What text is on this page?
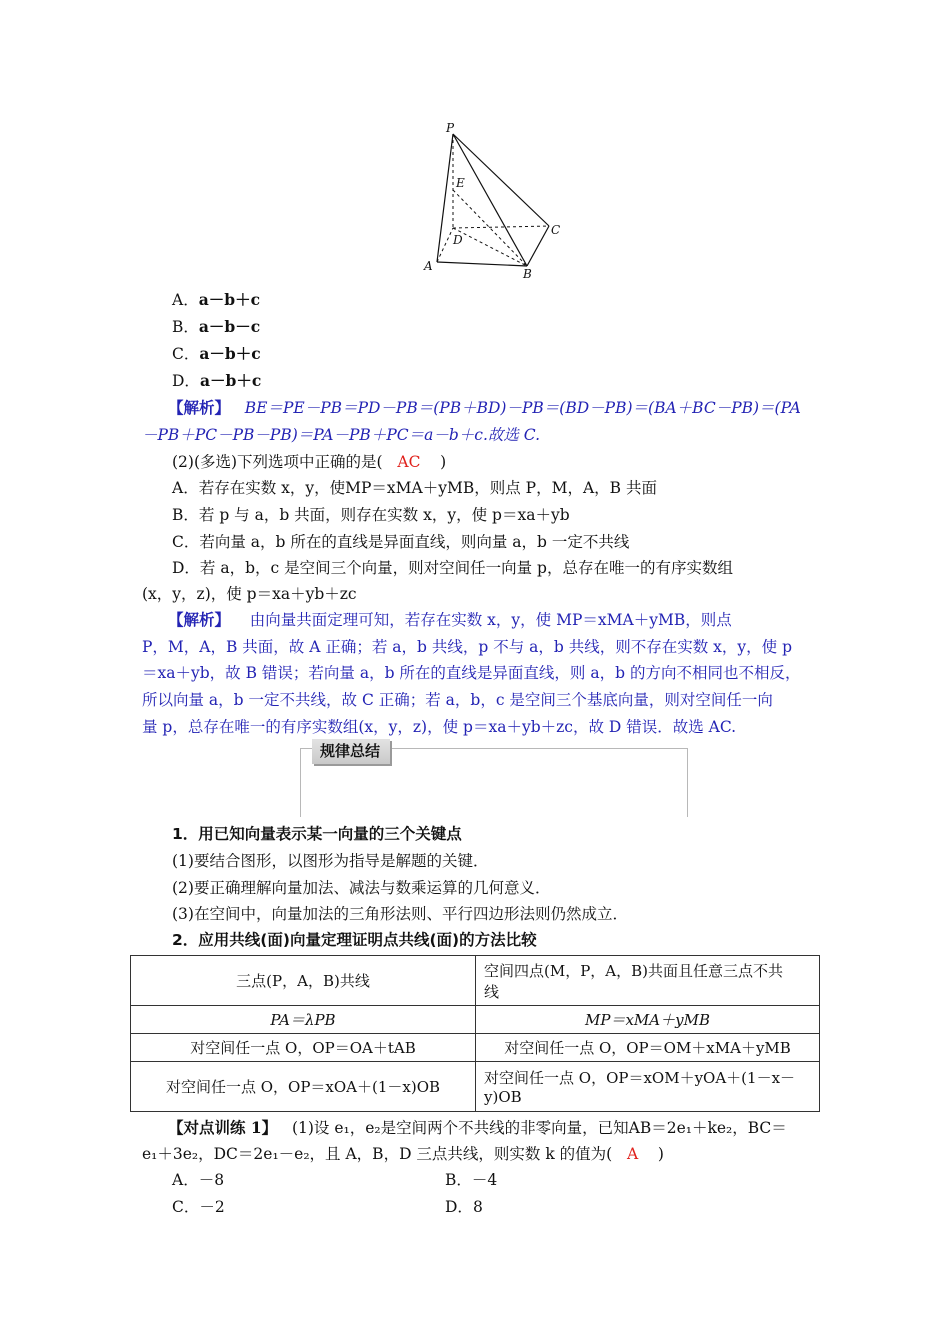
P
E
D
C
A
B
A．a－b＋c
B．a－b－c
C．a－b＋c
D．a－b＋c
【解析】 BE＝PE－PB＝PD－PB＝(PB＋BD)－PB＝(BD－PB)＝(BA＋BC－PB)＝(PA
－PB＋PC－PB－PB)＝PA－PB＋PC＝a－b＋c.故选 C.
(2)(多选)下列选项中正确的是( AC )
A．若存在实数 x，y，使MP＝xMA＋yMB，则点 P，M，A，B 共面
B．若 p 与 a，b 共面，则存在实数 x，y，使 p＝xa＋yb
C．若向量 a，b 所在的直线是异面直线，则向量 a，b 一定不共线
D．若 a，b，c 是空间三个向量，则对空间任一向量 p，总存在唯一的有序实数组
(x，y，z)，使 p＝xa＋yb＋zc
【解析】 由向量共面定理可知，若存在实数 x，y，使 MP＝xMA＋yMB，则点
P，M，A，B 共面，故 A 正确；若 a，b 共线，p 不与 a，b 共线，则不存在实数 x，y，使 p
＝xa＋yb，故 B 错误；若向量 a，b 所在的直线是异面直线，则 a，b 的方向不相同也不相反，
所以向量 a，b 一定不共线，故 C 正确；若 a，b，c 是空间三个基底向量，则对空间任一向
量 p，总存在唯一的有序实数组(x，y，z)，使 p＝xa＋yb＋zc，故 D 错误．故选 AC.
规律总结
1．用已知向量表示某一向量的三个关键点
(1)要结合图形，以图形为指导是解题的关键．
(2)要正确理解向量加法、减法与数乘运算的几何意义．
(3)在空间中，向量加法的三角形法则、平行四边形法则仍然成立．
2．应用共线(面)向量定理证明点共线(面)的方法比较
三点(P，A，B)共线	空间四点(M，P，A，B)共面且任意三点不共
线

PA＝λPB	MP＝xMA＋yMB
对空间任一点 O，OP＝OA＋tAB	对空间任一点 O，OP＝OM＋xMA＋yMB
对空间任一点 O，OP＝xOA＋(1－x)OB	对空间任一点 O，OP＝xOM＋yOA＋(1－x－
y)OB
【对点训练 1】 (1)设 e₁，e₂是空间两个不共线的非零向量，已知AB＝2e₁＋ke₂，BC＝
e₁＋3e₂，DC＝2e₁－e₂，且 A，B，D 三点共线，则实数 k 的值为( A )
A．－8	B．－4
C．－2	D．8
